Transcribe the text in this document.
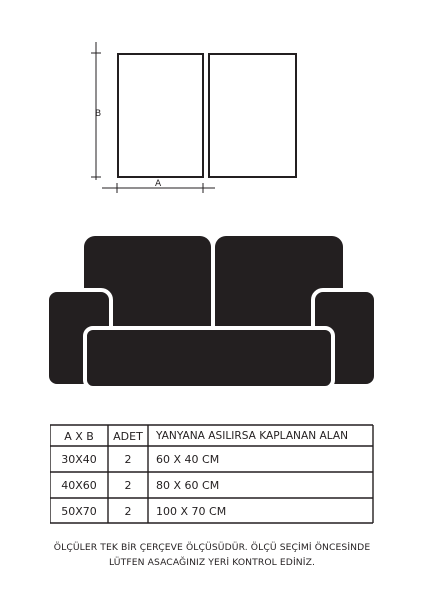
B
A
A X B	ADET	YANYANA ASILIRSA KAPLANAN ALAN
30X40	2	60 X 40 CM
40X60	2	80 X 60 CM
50X70	2	100 X 70 CM
ÖLÇÜLER TEK BİR ÇERÇEVE ÖLÇÜSÜDÜR. ÖLÇÜ SEÇİMİ ÖNCESİNDE
LÜTFEN ASACAĞINIZ YERİ KONTROL EDİNİZ.
